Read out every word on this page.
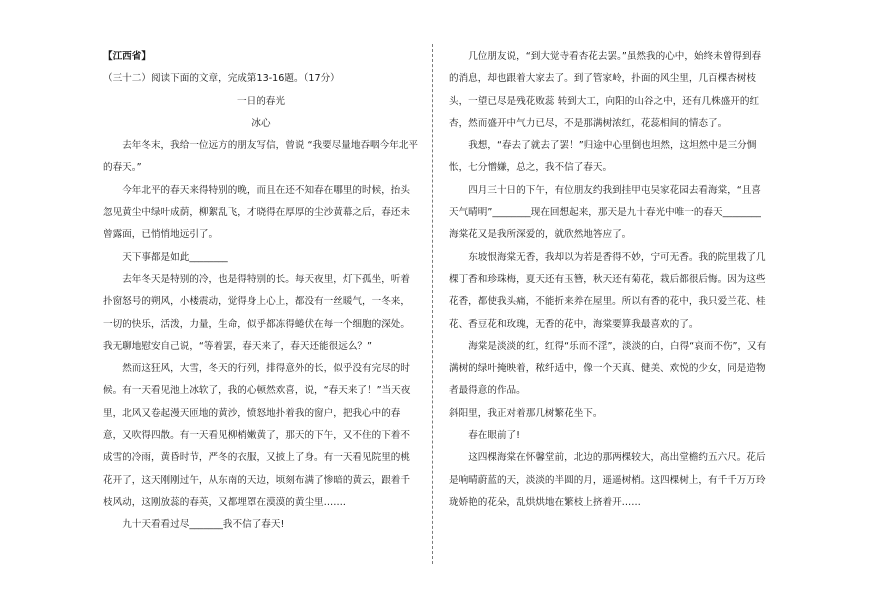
【江西省】

（三十二）阅读下面的文章，完成第13-16题。（17分）

一日的春光

冰心

去年冬末，我给一位远方的朋友写信，曾说 “我要尽量地吞咽今年北平的春天。”

今年北平的春天来得特别的晚，而且在还不知春在哪里的时候，抬头忽见黄尘中绿叶成荫，柳絮乱飞，才晓得在厚厚的尘沙黄幕之后，春还未曾露面，已悄悄地远引了。

天下事都是如此________

去年冬天是特别的冷，也是得特别的长。每天夜里，灯下孤坐，听着扑窗怒号的朔风，小楼震动，觉得身上心上，都没有一丝暖气，一冬来，一切的快乐，活泼，力量，生命，似乎都冻得蜷伏在每一个细胞的深处。我无聊地慰安自己说，“等着罢，春天来了，春天还能很远么？”

然而这狂风，大雪，冬天的行列，排得意外的长，似乎没有完尽的时候。有一天看见池上冰软了，我的心顿然欢喜，说，“春天来了！”当天夜里，北风又卷起漫天匝地的黄沙，愤怒地扑着我的窗户，把我心中的春意，又吹得四散。有一天看见柳梢嫩黄了，那天的下午，又不住的下着不成雪的冷雨，黄昏时节，严冬的衣服，又披上了身。有一天看见院里的桃花开了，这天刚刚过午，从东南的天边，顷刻布满了惨暗的黄云，跟着千枝风动，这刚放蕊的春英，又都埋罩在漠漠的黄尘里……．

九十天看看过尽_______我不信了春天!

几位朋友说，“到大觉寺看杏花去罢。”虽然我的心中，始终未曾得到春的消息，却也跟着大家去了。到了管家岭，扑面的风尘里，几百棵杏树枝头，一望已尽是残花败蕊 转到大工，向阳的山谷之中，还有几株盛开的红杏，然而盛开中气力已尽，不是那满树浓红，花蕊相间的情态了。

我想，“春去了就去了罢！”归途中心里倒也坦然，这坦然中是三分惆怅，七分憎嫌，总之，我不信了春天。

四月三十日的下午，有位朋友约我到挂甲屯吴家花园去看海棠，“且喜天气晴明”________现在回想起来，那天是九十春光中唯一的春天________海棠花又是我所深爱的，就欣然地答应了。

东坡恨海棠无香，我却以为若是香得不妙，宁可无香。我的院里栽了几棵丁香和珍珠梅，夏天还有玉簪，秋天还有菊花，栽后都很后悔。因为这些花香，都使我头痛，不能折来养在屋里。所以有香的花中，我只爱兰花、桂花、香豆花和玫瑰，无香的花中，海棠要算我最喜欢的了。

海棠是淡淡的红，红得“乐而不淫”，淡淡的白，白得“哀而不伤”，又有满树的绿叶掩映着，秾纤适中，像一个天真、健美、欢悦的少女，同是造物者最得意的作品。

斜阳里，我正对着那几树繁花坐下。

春在眼前了!

这四棵海棠在怀馨堂前，北边的那两棵较大，高出堂檐约五六尺。花后是响晴蔚蓝的天，淡淡的半圆的月，遥遥树梢。这四棵树上，有千千万万玲珑娇艳的花朵，乱烘烘地在繁枝上挤着开……
